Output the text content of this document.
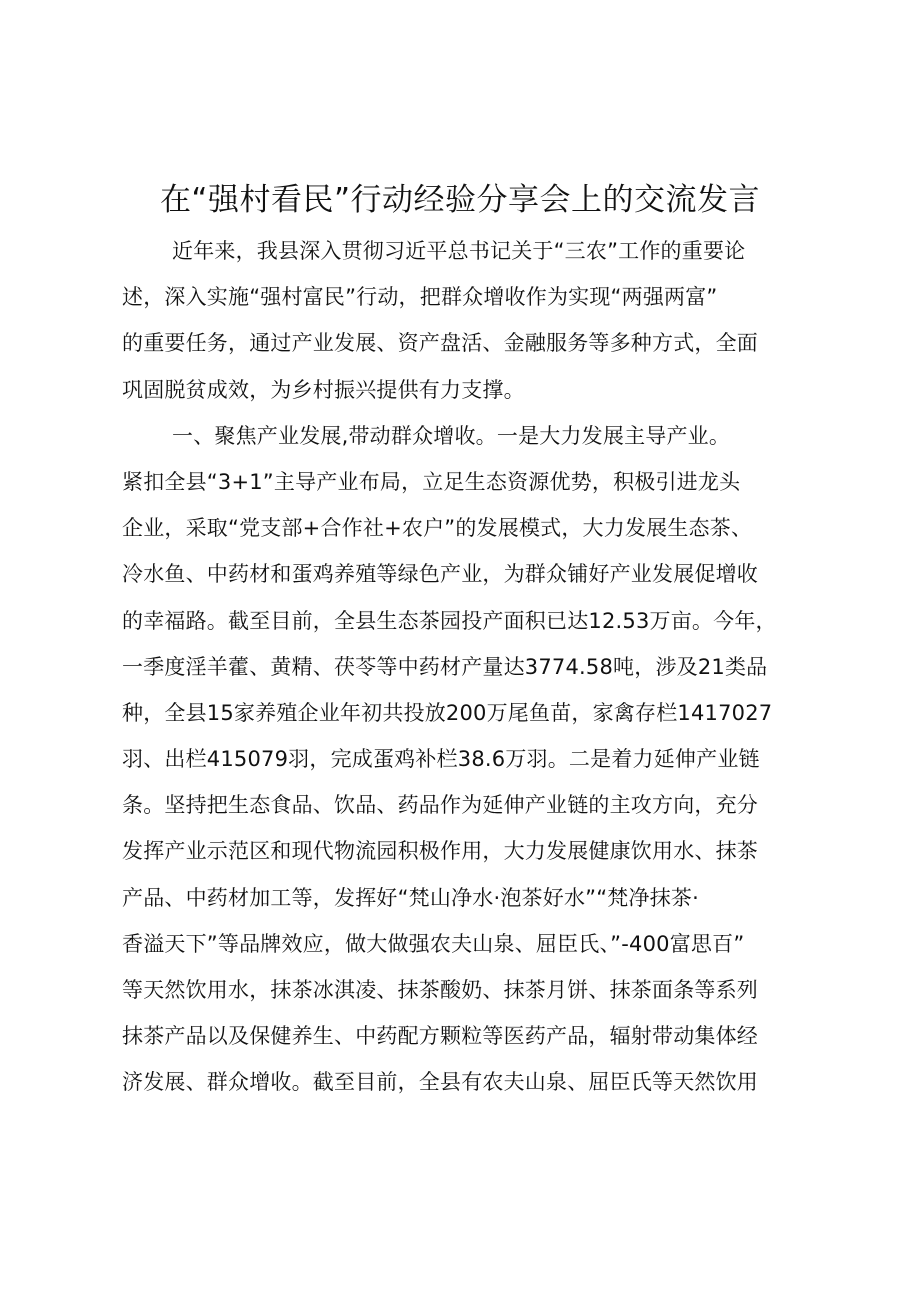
在“强村看民”行动经验分享会上的交流发言
近年来，我县深入贯彻习近平总书记关于“三农”工作的重要论
述，深入实施“强村富民”行动，把群众增收作为实现“两强两富”
的重要任务，通过产业发展、资产盘活、金融服务等多种方式，全面
巩固脱贫成效，为乡村振兴提供有力支撑。
一、聚焦产业发展,带动群众增收。一是大力发展主导产业。
紧扣全县“3+1”主导产业布局，立足生态资源优势，积极引进龙头
企业，采取“党支部+合作社+农户”的发展模式，大力发展生态茶、
冷水鱼、中药材和蛋鸡养殖等绿色产业，为群众铺好产业发展促增收
的幸福路。截至目前，全县生态茶园投产面积已达12.53万亩。今年，
一季度淫羊藿、黄精、茯苓等中药材产量达3774.58吨，涉及21类品
种，全县15家养殖企业年初共投放200万尾鱼苗，家禽存栏1417027
羽、出栏415079羽，完成蛋鸡补栏38.6万羽。二是着力延伸产业链
条。坚持把生态食品、饮品、药品作为延伸产业链的主攻方向，充分
发挥产业示范区和现代物流园积极作用，大力发展健康饮用水、抹茶
产品、中药材加工等，发挥好“梵山净水·泡茶好水”“梵净抹茶·
香溢天下”等品牌效应，做大做强农夫山泉、屈臣氏、”-400富思百”
等天然饮用水，抹茶冰淇凌、抹茶酸奶、抹茶月饼、抹茶面条等系列
抹茶产品以及保健养生、中药配方颗粒等医药产品，辐射带动集体经
济发展、群众增收。截至目前，全县有农夫山泉、屈臣氏等天然饮用
